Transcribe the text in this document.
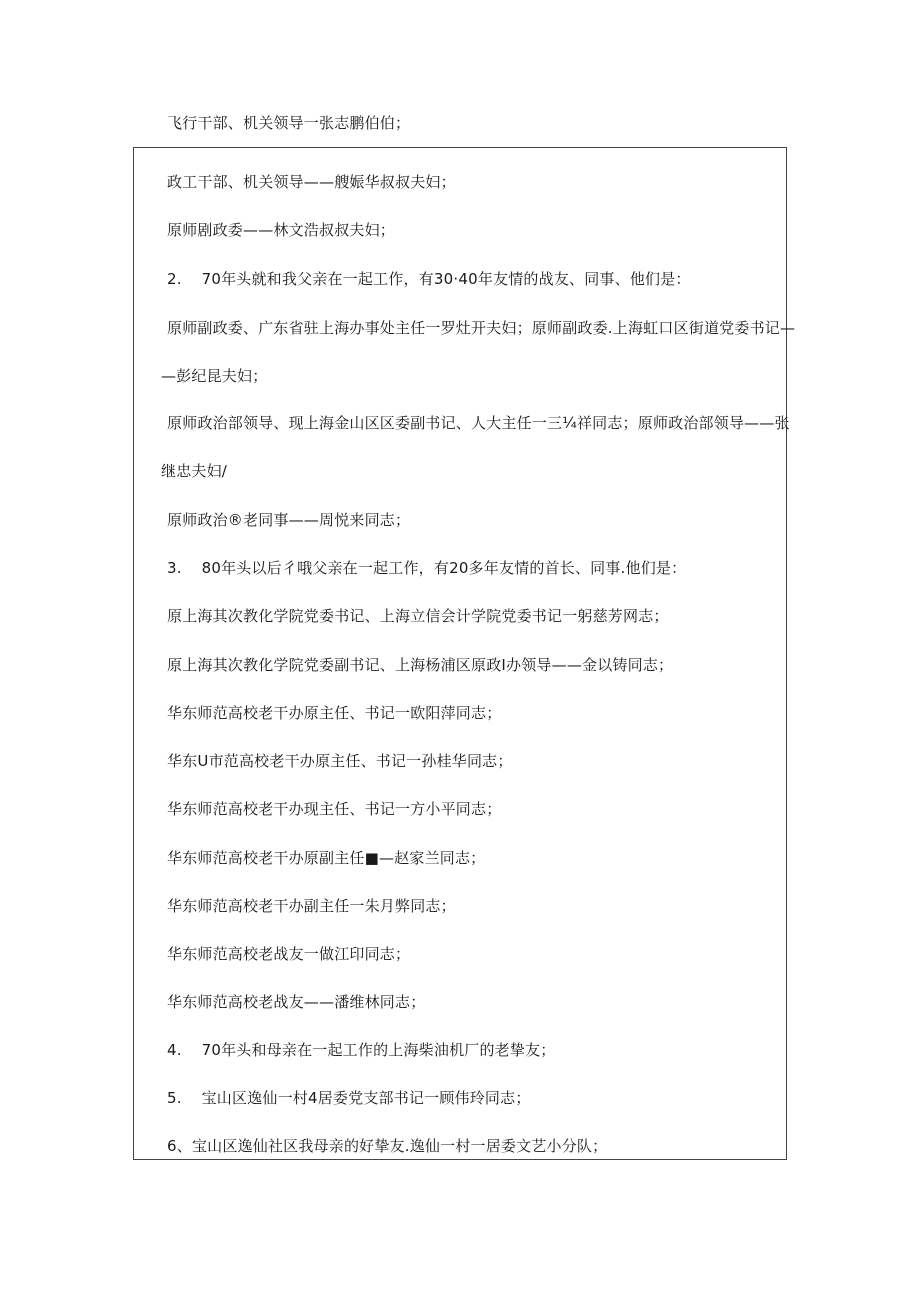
飞行干部、机关领导一张志鹏伯伯；
政工干部、机关领导——艘娠华叔叔夫妇；
原师剧政委——林文浩叔叔夫妇；
2.    70年头就和我父亲在一起工作，有30·40年友情的战友、同事、他们是：
原师副政委、广东省驻上海办事处主任一罗灶开夫妇；原师副政委.上海虹口区街道党委书记—
—彭纪昆夫妇；
原师政治部领导、现上海金山区区委副书记、人大主任一三¼祥同志；原师政治部领导——张
继忠夫妇∕
原师政治®老同事——周悦来同志；
3.    80年头以后彳哦父亲在一起工作，有20多年友情的首长、同事.他们是：
原上海其次教化学院党委书记、上海立信会计学院党委书记一躬慈芳网志；
原上海其次教化学院党委副书记、上海杨浦区原政I办领导——金以铸同志；
华东师范高校老干办原主任、书记一欧阳萍同志；
华东U市范高校老干办原主任、书记一孙桂华同志；
华东师范高校老干办现主任、书记一方小平同志；
华东师范高校老干办原副主任■—赵家兰同志；
华东师范高校老干办副主任一朱月弊同志；
华东师范高校老战友一做江印同志；
华东师范高校老战友——潘维林同志；
4.    70年头和母亲在一起工作的上海柴油机厂的老挚友；
5.    宝山区逸仙一村4居委党支部书记一顾伟玲同志；
6、宝山区逸仙社区我母亲的好挚友.逸仙一村一居委文艺小分队；
